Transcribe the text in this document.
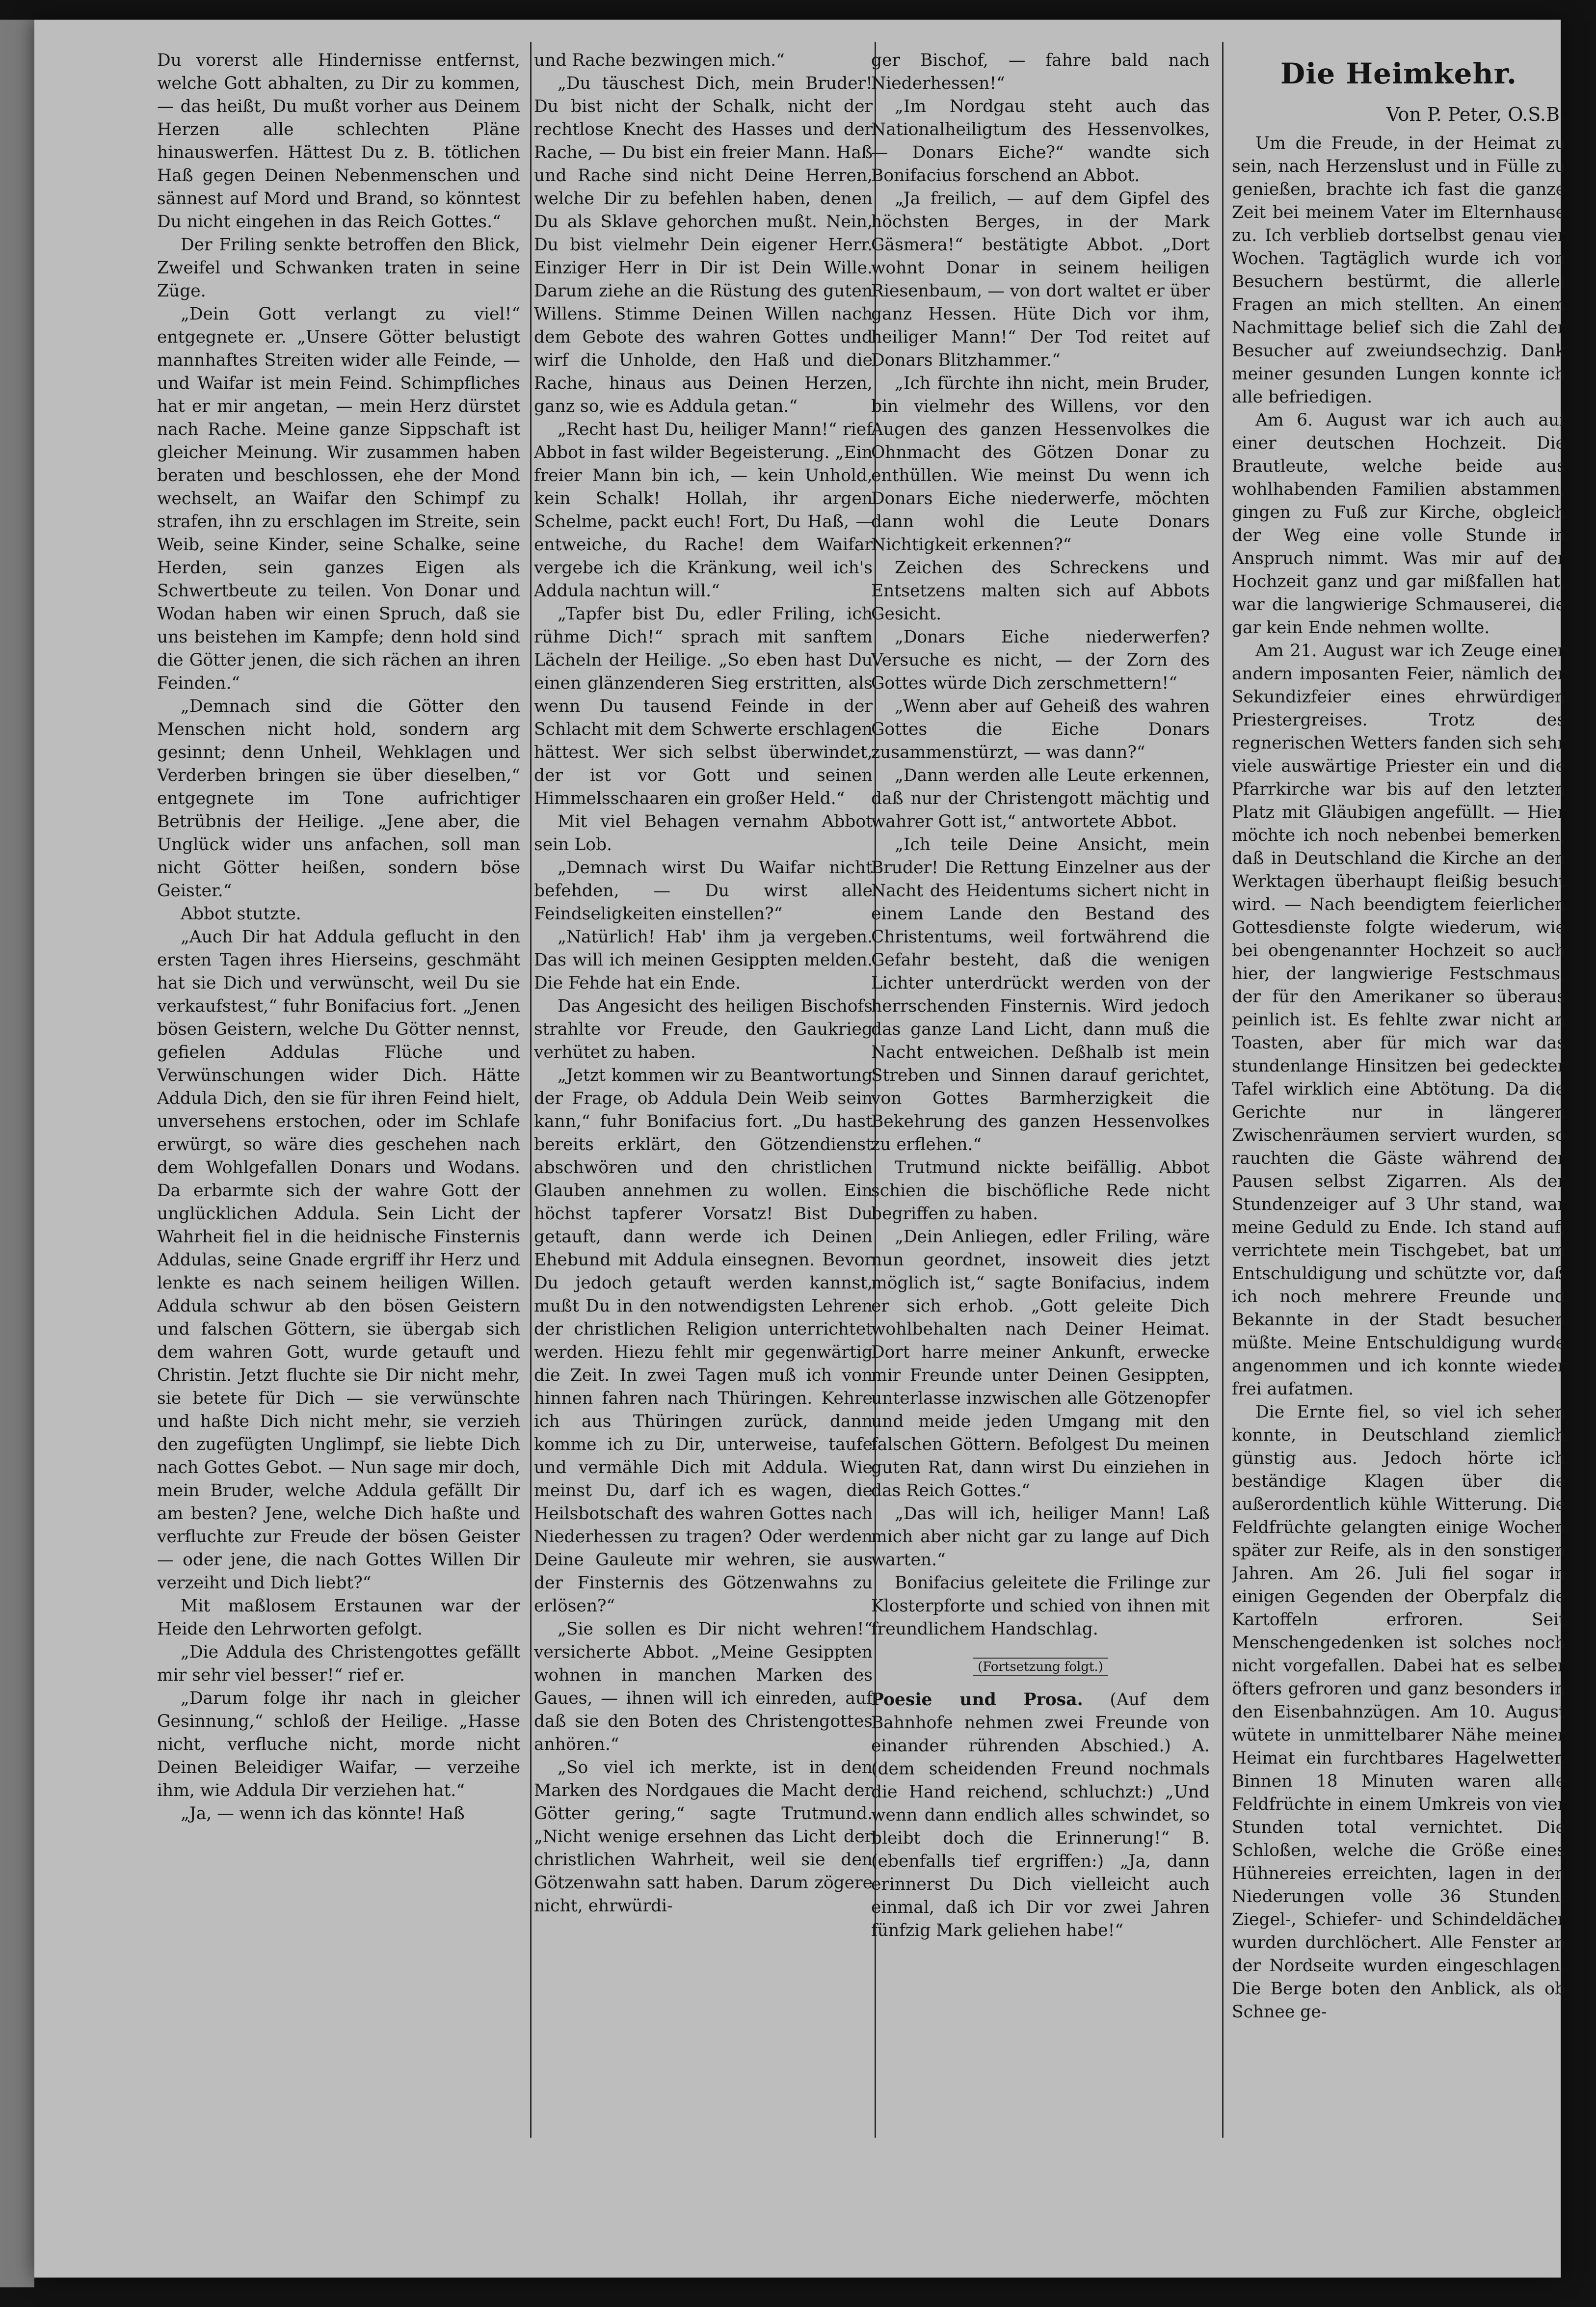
Du vorerst alle Hindernisse entfernst, welche Gott abhalten, zu Dir zu kommen, — das heißt, Du mußt vorher aus Deinem Herzen alle schlechten Pläne hinauswerfen. Hättest Du z. B. tötlichen Haß gegen Deinen Nebenmenschen und sännest auf Mord und Brand, so könntest Du nicht eingehen in das Reich Gottes.“

Der Friling senkte betroffen den Blick, Zweifel und Schwanken traten in seine Züge.

„Dein Gott verlangt zu viel!“ entgegnete er. „Unsere Götter belustigt mannhaftes Streiten wider alle Feinde, — und Waifar ist mein Feind. Schimpfliches hat er mir angetan, — mein Herz dürstet nach Rache. Meine ganze Sippschaft ist gleicher Meinung. Wir zusammen haben beraten und beschlossen, ehe der Mond wechselt, an Waifar den Schimpf zu strafen, ihn zu erschlagen im Streite, sein Weib, seine Kinder, seine Schalke, seine Herden, sein ganzes Eigen als Schwertbeute zu teilen. Von Donar und Wodan haben wir einen Spruch, daß sie uns beistehen im Kampfe; denn hold sind die Götter jenen, die sich rächen an ihren Feinden.“

„Demnach sind die Götter den Menschen nicht hold, sondern arg gesinnt; denn Unheil, Wehklagen und Verderben bringen sie über dieselben,“ entgegnete im Tone aufrichtiger Betrübnis der Heilige. „Jene aber, die Unglück wider uns anfachen, soll man nicht Götter heißen, sondern böse Geister.“

Abbot stutzte.

„Auch Dir hat Addula geflucht in den ersten Tagen ihres Hierseins, geschmäht hat sie Dich und verwünscht, weil Du sie verkaufstest,“ fuhr Bonifacius fort. „Jenen bösen Geistern, welche Du Götter nennst, gefielen Addulas Flüche und Verwünschungen wider Dich. Hätte Addula Dich, den sie für ihren Feind hielt, unversehens erstochen, oder im Schlafe erwürgt, so wäre dies geschehen nach dem Wohlgefallen Donars und Wodans. Da erbarmte sich der wahre Gott der unglücklichen Addula. Sein Licht der Wahrheit fiel in die heidnische Finsternis Addulas, seine Gnade ergriff ihr Herz und lenkte es nach seinem heiligen Willen. Addula schwur ab den bösen Geistern und falschen Göttern, sie übergab sich dem wahren Gott, wurde getauft und Christin. Jetzt fluchte sie Dir nicht mehr, sie betete für Dich — sie verwünschte und haßte Dich nicht mehr, sie verzieh den zugefügten Unglimpf, sie liebte Dich nach Gottes Gebot. — Nun sage mir doch, mein Bruder, welche Addula gefällt Dir am besten? Jene, welche Dich haßte und verfluchte zur Freude der bösen Geister — oder jene, die nach Gottes Willen Dir verzeiht und Dich liebt?“

Mit maßlosem Erstaunen war der Heide den Lehrworten gefolgt.

„Die Addula des Christengottes gefällt mir sehr viel besser!“ rief er.

„Darum folge ihr nach in gleicher Gesinnung,“ schloß der Heilige. „Hasse nicht, verfluche nicht, morde nicht Deinen Beleidiger Waifar, — verzeihe ihm, wie Addula Dir verziehen hat.“

„Ja, — wenn ich das könnte! Haß

und Rache bezwingen mich.“

„Du täuschest Dich, mein Bruder! Du bist nicht der Schalk, nicht der rechtlose Knecht des Hasses und der Rache, — Du bist ein freier Mann. Haß und Rache sind nicht Deine Herren, welche Dir zu befehlen haben, denen Du als Sklave gehorchen mußt. Nein, Du bist vielmehr Dein eigener Herr. Einziger Herr in Dir ist Dein Wille. Darum ziehe an die Rüstung des guten Willens. Stimme Deinen Willen nach dem Gebote des wahren Gottes und wirf die Unholde, den Haß und die Rache, hinaus aus Deinen Herzen, ganz so, wie es Addula getan.“

„Recht hast Du, heiliger Mann!“ rief Abbot in fast wilder Begeisterung. „Ein freier Mann bin ich, — kein Unhold, kein Schalk! Hollah, ihr argen Schelme, packt euch! Fort, Du Haß, — entweiche, du Rache! dem Waifar vergebe ich die Kränkung, weil ich's Addula nachtun will.“

„Tapfer bist Du, edler Friling, ich rühme Dich!“ sprach mit sanftem Lächeln der Heilige. „So eben hast Du einen glänzenderen Sieg erstritten, als wenn Du tausend Feinde in der Schlacht mit dem Schwerte erschlagen hättest. Wer sich selbst überwindet, der ist vor Gott und seinen Himmelsschaaren ein großer Held.“

Mit viel Behagen vernahm Abbot sein Lob.

„Demnach wirst Du Waifar nicht befehden, — Du wirst alle Feindseligkeiten einstellen?“

„Natürlich! Hab' ihm ja vergeben. Das will ich meinen Gesippten melden. Die Fehde hat ein Ende.

Das Angesicht des heiligen Bischofs strahlte vor Freude, den Gaukrieg verhütet zu haben.

„Jetzt kommen wir zu Beantwortung der Frage, ob Addula Dein Weib sein kann,“ fuhr Bonifacius fort. „Du hast bereits erklärt, den Götzendienst abschwören und den christlichen Glauben annehmen zu wollen. Ein höchst tapferer Vorsatz! Bist Du getauft, dann werde ich Deinen Ehebund mit Addula einsegnen. Bevor Du jedoch getauft werden kannst, mußt Du in den notwendigsten Lehren der christlichen Religion unterrichtet werden. Hiezu fehlt mir gegenwärtig die Zeit. In zwei Tagen muß ich von hinnen fahren nach Thüringen. Kehre ich aus Thüringen zurück, dann komme ich zu Dir, unterweise, taufe und vermähle Dich mit Addula. Wie meinst Du, darf ich es wagen, die Heilsbotschaft des wahren Gottes nach Niederhessen zu tragen? Oder werden Deine Gauleute mir wehren, sie aus der Finsternis des Götzenwahns zu erlösen?“

„Sie sollen es Dir nicht wehren!“ versicherte Abbot. „Meine Gesippten wohnen in manchen Marken des Gaues, — ihnen will ich einreden, auf daß sie den Boten des Christengottes anhören.“

„So viel ich merkte, ist in den Marken des Nordgaues die Macht der Götter gering,“ sagte Trutmund. „Nicht wenige ersehnen das Licht der christlichen Wahrheit, weil sie den Götzenwahn satt haben. Darum zögere nicht, ehrwürdi-

ger Bischof, — fahre bald nach Niederhessen!“

„Im Nordgau steht auch das Nationalheiligtum des Hessenvolkes, — Donars Eiche?“ wandte sich Bonifacius forschend an Abbot.

„Ja freilich, — auf dem Gipfel des höchsten Berges, in der Mark Gäsmera!“ bestätigte Abbot. „Dort wohnt Donar in seinem heiligen Riesenbaum, — von dort waltet er über ganz Hessen. Hüte Dich vor ihm, heiliger Mann!“ Der Tod reitet auf Donars Blitzhammer.“

„Ich fürchte ihn nicht, mein Bruder, bin vielmehr des Willens, vor den Augen des ganzen Hessenvolkes die Ohnmacht des Götzen Donar zu enthüllen. Wie meinst Du wenn ich Donars Eiche niederwerfe, möchten dann wohl die Leute Donars Nichtigkeit erkennen?“

Zeichen des Schreckens und Entsetzens malten sich auf Abbots Gesicht.

„Donars Eiche niederwerfen? Versuche es nicht, — der Zorn des Gottes würde Dich zerschmettern!“

„Wenn aber auf Geheiß des wahren Gottes die Eiche Donars zusammenstürzt, — was dann?“

„Dann werden alle Leute erkennen, daß nur der Christengott mächtig und wahrer Gott ist,“ antwortete Abbot.

„Ich teile Deine Ansicht, mein Bruder! Die Rettung Einzelner aus der Nacht des Heidentums sichert nicht in einem Lande den Bestand des Christentums, weil fortwährend die Gefahr besteht, daß die wenigen Lichter unterdrückt werden von der herrschenden Finsternis. Wird jedoch das ganze Land Licht, dann muß die Nacht entweichen. Deßhalb ist mein Streben und Sinnen darauf gerichtet, von Gottes Barmherzigkeit die Bekehrung des ganzen Hessenvolkes zu erflehen.“

Trutmund nickte beifällig. Abbot schien die bischöfliche Rede nicht begriffen zu haben.

„Dein Anliegen, edler Friling, wäre nun geordnet, insoweit dies jetzt möglich ist,“ sagte Bonifacius, indem er sich erhob. „Gott geleite Dich wohlbehalten nach Deiner Heimat. Dort harre meiner Ankunft, erwecke mir Freunde unter Deinen Gesippten, unterlasse inzwischen alle Götzenopfer und meide jeden Umgang mit den falschen Göttern. Befolgest Du meinen guten Rat, dann wirst Du einziehen in das Reich Gottes.“

„Das will ich, heiliger Mann! Laß mich aber nicht gar zu lange auf Dich warten.“

Bonifacius geleitete die Frilinge zur Klosterpforte und schied von ihnen mit freundlichem Handschlag.

(Fortsetzung folgt.)

Poesie und Prosa. (Auf dem Bahnhofe nehmen zwei Freunde von einander rührenden Abschied.) A. (dem scheidenden Freund nochmals die Hand reichend, schluchzt:) „Und wenn dann endlich alles schwindet, so bleibt doch die Erinnerung!“ B. (ebenfalls tief ergriffen:) „Ja, dann erinnerst Du Dich vielleicht auch einmal, daß ich Dir vor zwei Jahren fünfzig Mark geliehen habe!“

Die Heimkehr.
Von P. Peter, O.S.B.

Um die Freude, in der Heimat zu sein, nach Herzenslust und in Fülle zu genießen, brachte ich fast die ganze Zeit bei meinem Vater im Elternhause zu. Ich verblieb dortselbst genau vier Wochen. Tagtäglich wurde ich von Besuchern bestürmt, die allerlei Fragen an mich stellten. An einem Nachmittage belief sich die Zahl der Besucher auf zweiundsechzig. Dank meiner gesunden Lungen konnte ich alle befriedigen.

Am 6. August war ich auch auf einer deutschen Hochzeit. Die Brautleute, welche beide aus wohlhabenden Familien abstammen, gingen zu Fuß zur Kirche, obgleich der Weg eine volle Stunde in Anspruch nimmt. Was mir auf der Hochzeit ganz und gar mißfallen hat, war die langwierige Schmauserei, die gar kein Ende nehmen wollte.

Am 21. August war ich Zeuge einer andern imposanten Feier, nämlich der Sekundizfeier eines ehrwürdigen Priestergreises. Trotz des regnerischen Wetters fanden sich sehr viele auswärtige Priester ein und die Pfarrkirche war bis auf den letzten Platz mit Gläubigen angefüllt. — Hier möchte ich noch nebenbei bemerken, daß in Deutschland die Kirche an den Werktagen überhaupt fleißig besucht wird. — Nach beendigtem feierlichen Gottesdienste folgte wiederum, wie bei obengenannter Hochzeit so auch hier, der langwierige Festschmaus, der für den Amerikaner so überaus peinlich ist. Es fehlte zwar nicht an Toasten, aber für mich war das stundenlange Hinsitzen bei gedeckter Tafel wirklich eine Abtötung. Da die Gerichte nur in längeren Zwischenräumen serviert wurden, so rauchten die Gäste während der Pausen selbst Zigarren. Als der Stundenzeiger auf 3 Uhr stand, war meine Geduld zu Ende. Ich stand auf, verrichtete mein Tischgebet, bat um Entschuldigung und schützte vor, daß ich noch mehrere Freunde und Bekannte in der Stadt besuchen müßte. Meine Entschuldigung wurde angenommen und ich konnte wieder frei aufatmen.

Die Ernte fiel, so viel ich sehen konnte, in Deutschland ziemlich günstig aus. Jedoch hörte ich beständige Klagen über die außerordentlich kühle Witterung. Die Feldfrüchte gelangten einige Wochen später zur Reife, als in den sonstigen Jahren. Am 26. Juli fiel sogar in einigen Gegenden der Oberpfalz die Kartoffeln erfroren. Seit Menschengedenken ist solches noch nicht vorgefallen. Dabei hat es selber öfters gefroren und ganz besonders in den Eisenbahnzügen. Am 10. August wütete in unmittelbarer Nähe meiner Heimat ein furchtbares Hagelwetter. Binnen 18 Minuten waren alle Feldfrüchte in einem Umkreis von vier Stunden total vernichtet. Die Schloßen, welche die Größe eines Hühnereies erreichten, lagen in den Niederungen volle 36 Stunden. Ziegel-, Schiefer- und Schindeldächer wurden durchlöchert. Alle Fenster an der Nordseite wurden eingeschlagen. Die Berge boten den Anblick, als ob Schnee ge-
